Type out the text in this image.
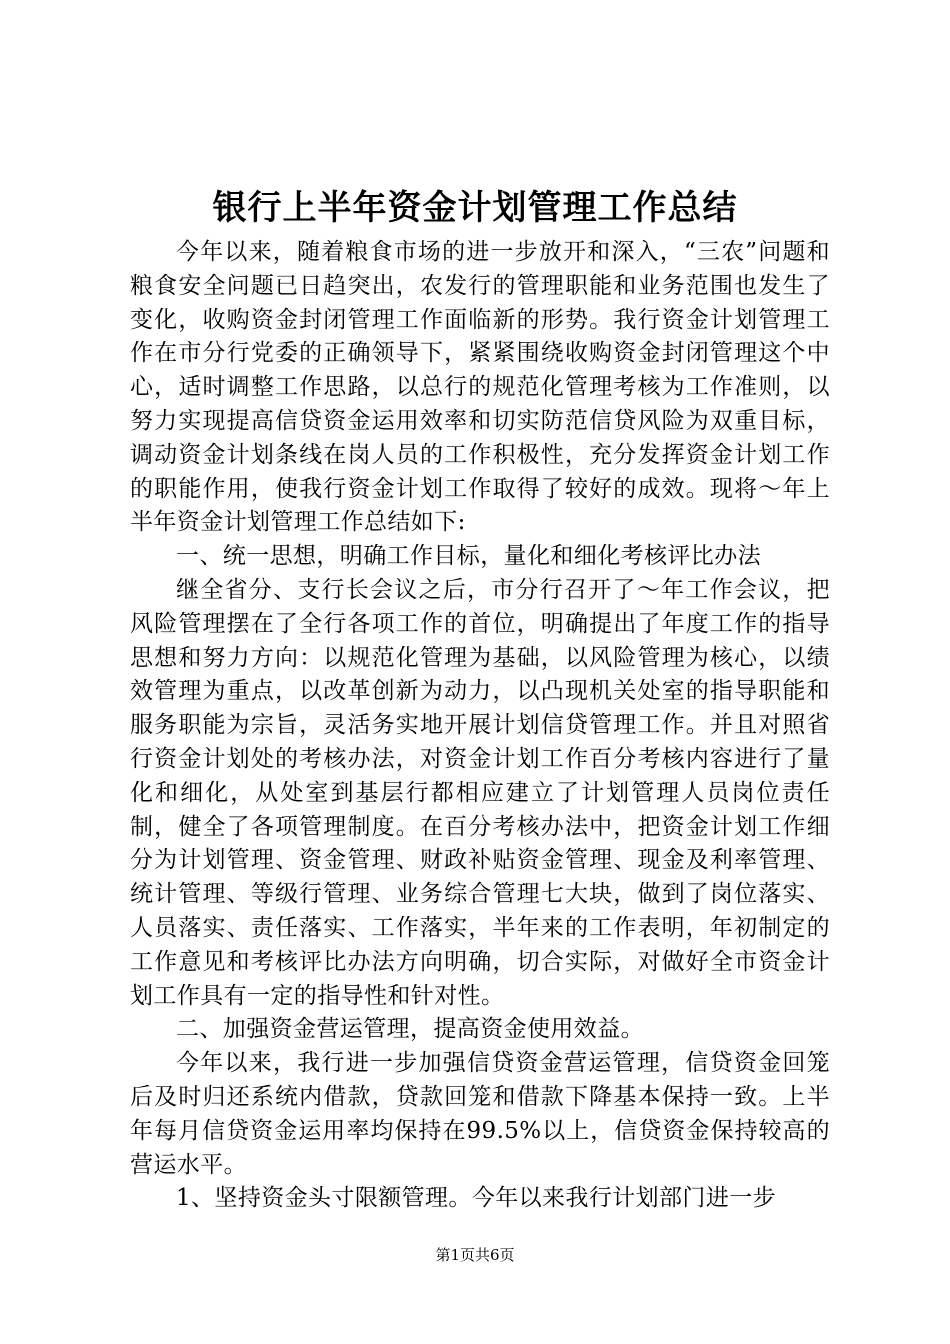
银行上半年资金计划管理工作总结

今年以来，随着粮食市场的进一步放开和深入，“三农”问题和粮食安全问题已日趋突出，农发行的管理职能和业务范围也发生了变化，收购资金封闭管理工作面临新的形势。我行资金计划管理工作在市分行党委的正确领导下，紧紧围绕收购资金封闭管理这个中心，适时调整工作思路，以总行的规范化管理考核为工作准则，以努力实现提高信贷资金运用效率和切实防范信贷风险为双重目标，调动资金计划条线在岗人员的工作积极性，充分发挥资金计划工作的职能作用，使我行资金计划工作取得了较好的成效。现将～年上半年资金计划管理工作总结如下:

一、统一思想，明确工作目标，量化和细化考核评比办法

继全省分、支行长会议之后，市分行召开了～年工作会议，把风险管理摆在了全行各项工作的首位，明确提出了年度工作的指导思想和努力方向：以规范化管理为基础，以风险管理为核心，以绩效管理为重点，以改革创新为动力，以凸现机关处室的指导职能和服务职能为宗旨，灵活务实地开展计划信贷管理工作。并且对照省行资金计划处的考核办法，对资金计划工作百分考核内容进行了量化和细化，从处室到基层行都相应建立了计划管理人员岗位责任制，健全了各项管理制度。在百分考核办法中，把资金计划工作细分为计划管理、资金管理、财政补贴资金管理、现金及利率管理、统计管理、等级行管理、业务综合管理七大块，做到了岗位落实、人员落实、责任落实、工作落实，半年来的工作表明，年初制定的工作意见和考核评比办法方向明确，切合实际，对做好全市资金计划工作具有一定的指导性和针对性。

二、加强资金营运管理，提高资金使用效益。

今年以来，我行进一步加强信贷资金营运管理，信贷资金回笼后及时归还系统内借款，贷款回笼和借款下降基本保持一致。上半年每月信贷资金运用率均保持在99.5%以上，信贷资金保持较高的营运水平。

1、坚持资金头寸限额管理。今年以来我行计划部门进一步

第1页共6页
